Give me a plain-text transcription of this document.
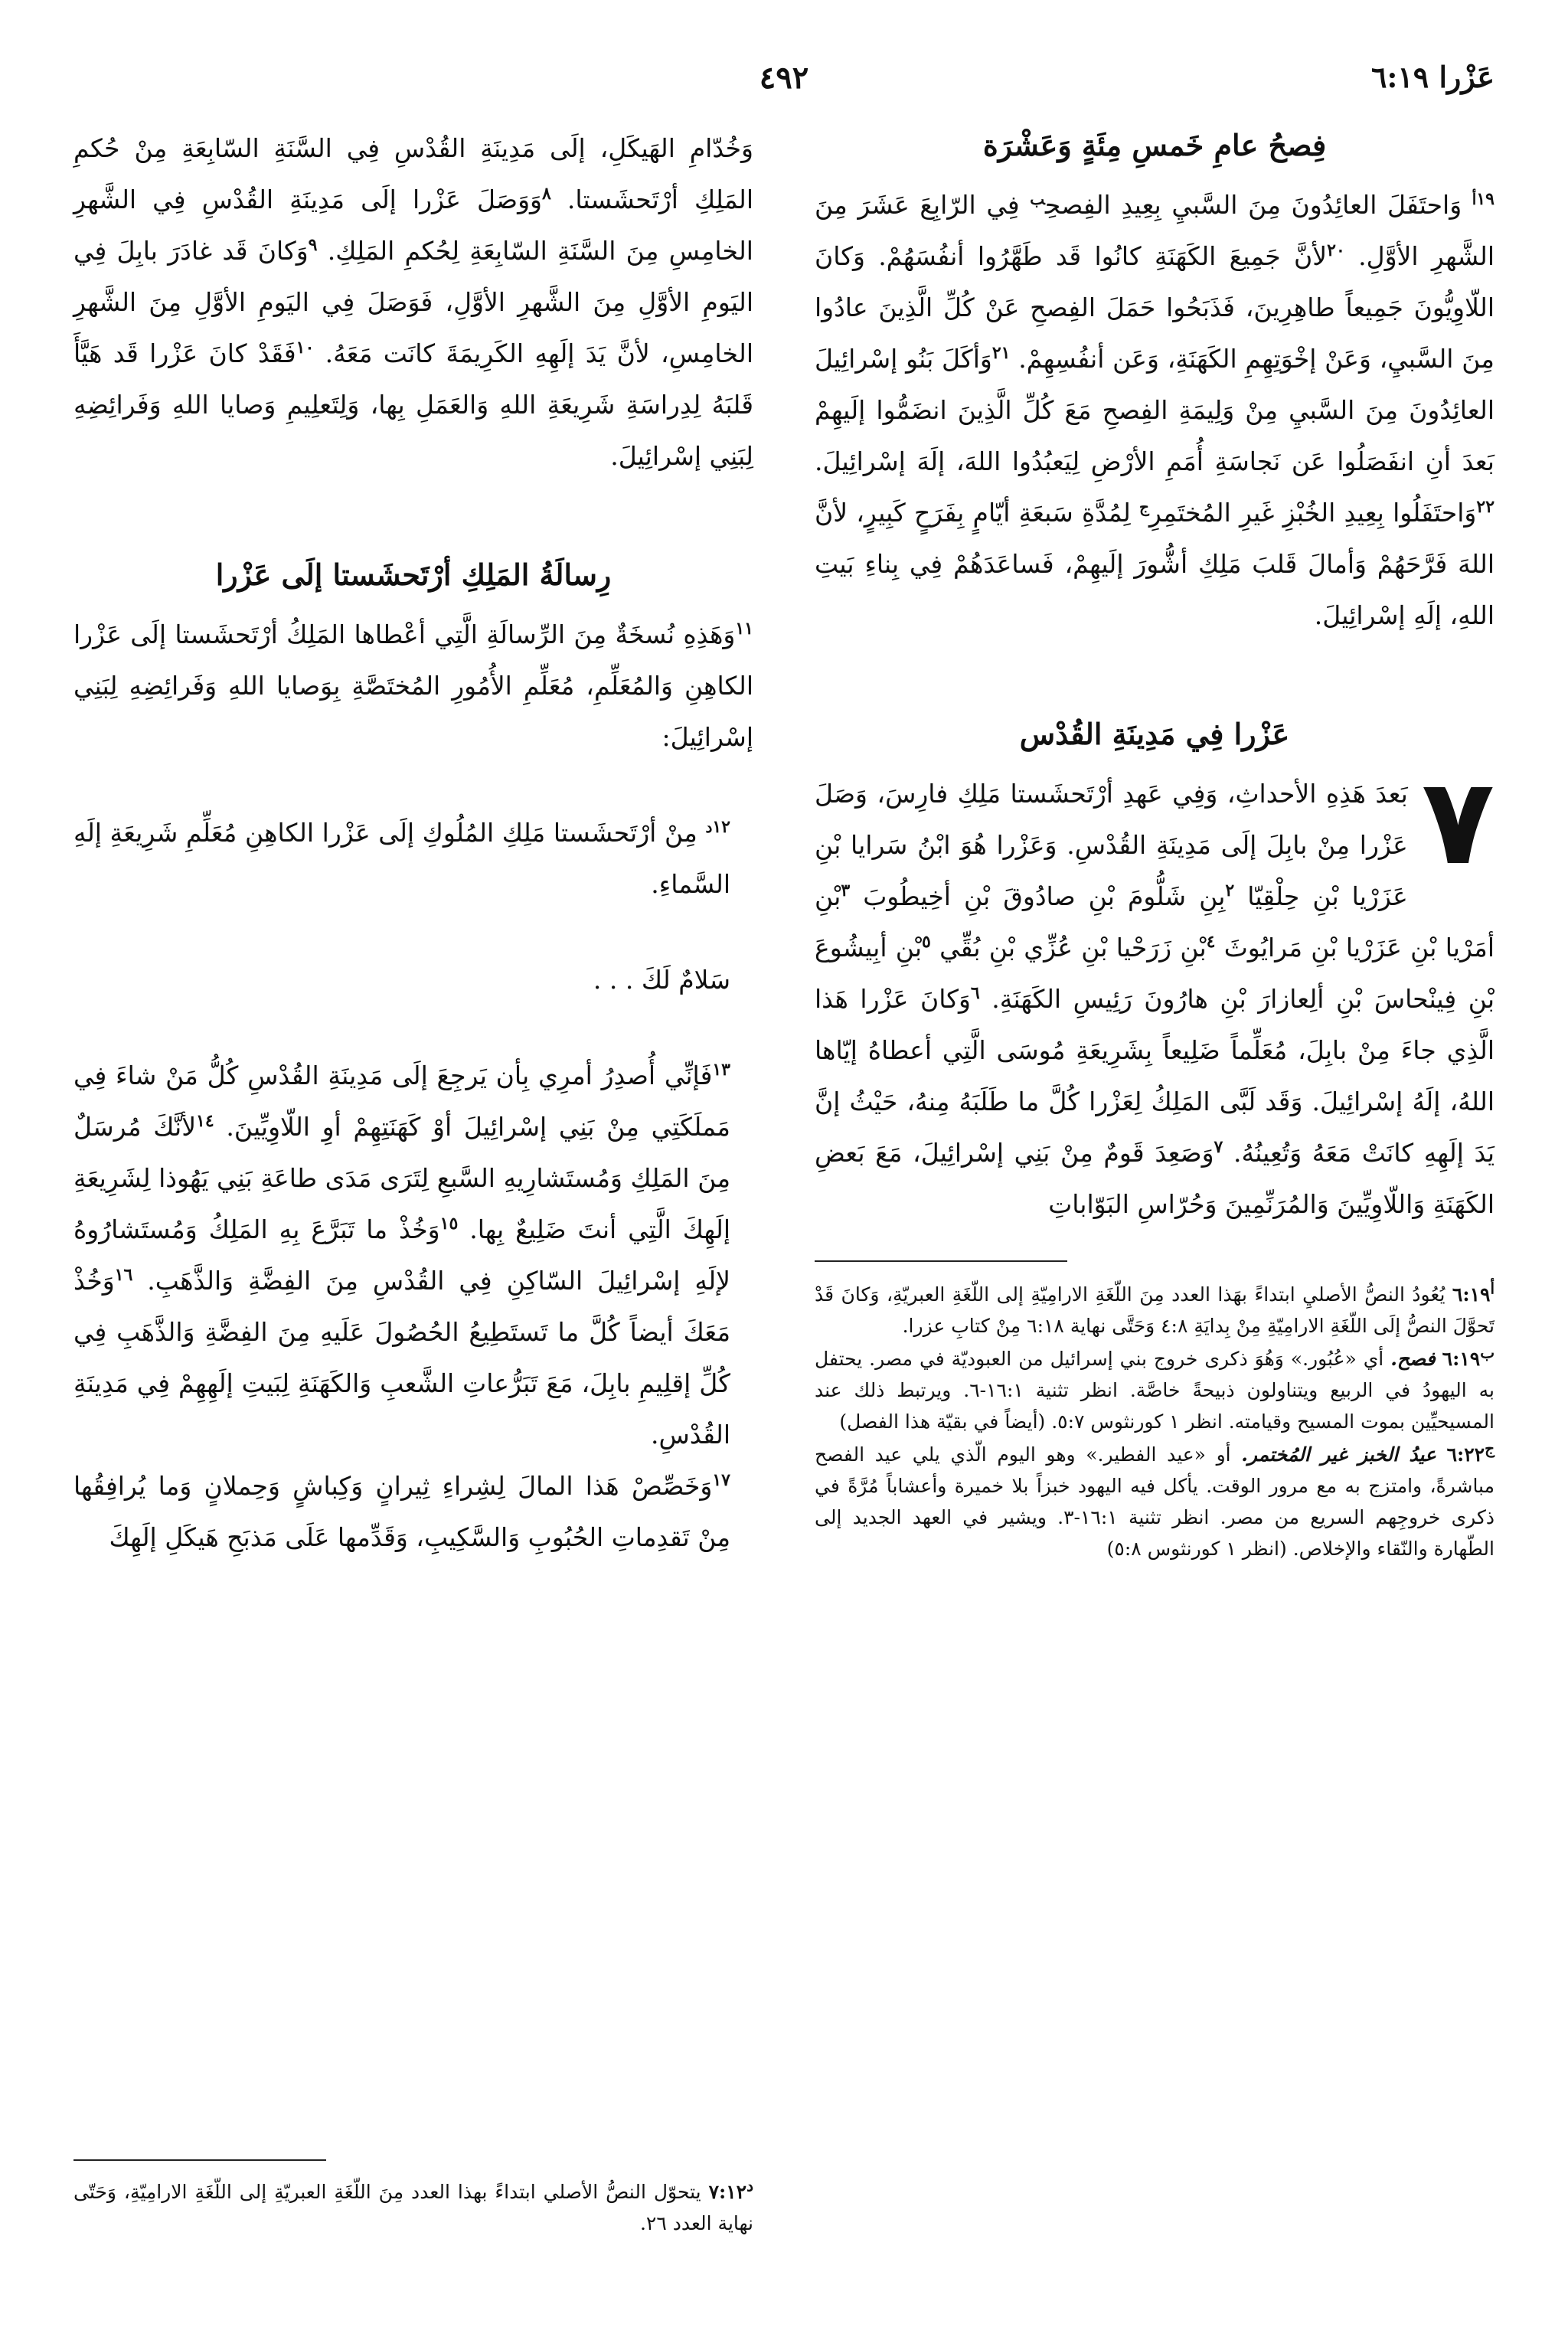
عَزْرا ٦:١٩
٤٩٢
فِصحُ عامِ خَمسِ مِئَةٍ وَعَشْرَة

$^{١٩أ}$ وَاحتَفَلَ العائِدُونَ مِنَ السَّبيِ بِعِيدِ الفِصحِ$^ب$ فِي الرّابِعَ عَشَرَ مِنَ الشَّهرِ الأوَّلِ. $^{٢٠}$لأنَّ جَمِيعَ الكَهَنَةِ كانُوا قَد طَهَّرُوا أنفُسَهُمْ. وَكانَ اللّاوِيُّونَ جَمِيعاً طاهِرِينَ، فَذَبَحُوا حَمَلَ الفِصحِ عَنْ كُلِّ الَّذِينَ عادُوا مِنَ السَّبيِ، وَعَنْ إخْوَتِهِمِ الكَهَنَةِ، وَعَن أنفُسِهِمْ. $^{٢١}$وَأكَلَ بَنُو إسْرائِيلَ العائِدُونَ مِنَ السَّبيِ مِنْ وَلِيمَةِ الفِصحِ مَعَ كُلِّ الَّذِينَ انضَمُّوا إلَيهِمْ بَعدَ أنِ انفَصَلُوا عَن نَجاسَةِ أُمَمِ الأرْضِ لِيَعبُدُوا اللهَ، إلَهَ إسْرائِيلَ. $^{٢٢}$وَاحتَفَلُوا بِعِيدِ الخُبْزِ غَيرِ المُختَمِرِ$^ج$ لِمُدَّةِ سَبعَةِ أيّامٍ بِفَرَحٍ كَبِيرٍ، لأنَّ اللهَ فَرَّحَهُمْ وَأمالَ قَلبَ مَلِكِ أشُّورَ إلَيهِمْ، فَساعَدَهُمْ فِي بِناءِ بَيتِ اللهِ، إلَهِ إسْرائِيلَ.

عَزْرا فِي مَدِينَةِ القُدْس

٧
بَعدَ هَذِهِ الأحداثِ، وَفِي عَهدِ أرْتَحشَستا مَلِكِ فارِسَ، وَصَلَ عَزْرا مِنْ بابِلَ إلَى مَدِينَةِ القُدْسِ. وَعَزْرا هُوَ ابْنُ سَرايا بْنِ عَزَرْيا بْنِ حِلْقِيّا $^٢$بِنِ شَلُّومَ بْنِ صادُوقَ بْنِ أخِيطُوبَ $^٣$بْنِ أمَرْيا بْنِ عَزَرْيا بْنِ مَرايُوثَ $^٤$بْنِ زَرَحْيا بْنِ عُزِّي بْنِ بُقِّي $^٥$بْنِ أبِيشُوعَ بْنِ فِينْحاسَ بْنِ ألِعازارَ بْنِ هارُونَ رَئِيسِ الكَهَنَةِ. $^٦$وَكانَ عَزْرا هَذا الَّذِي جاءَ مِنْ بابِلَ، مُعَلِّماً ضَلِيعاً بِشَرِيعَةِ مُوسَى الَّتِي أعطاهُ إيّاها اللهُ، إلَهُ إسْرائِيلَ. وَقَد لَبَّى المَلِكُ لِعَزْرا كُلَّ ما طَلَبَهُ مِنهُ، حَيْثُ إنَّ يَدَ إلَهِهِ كانَتْ مَعَهُ وَتُعِينُهُ. $^٧$وَصَعِدَ قَومٌ مِنْ بَنِي إسْرائِيلَ، مَعَ بَعضِ الكَهَنَةِ وَاللّاوِيِّينَ وَالمُرَنِّمِينَ وَحُرّاسِ البَوّاباتِ

$^أ$٦:١٩ يُعُودُ النصُّ الأصليِ ابتداءً بهَذا العدد مِنَ اللّغَةِ الارامِيّةِ إلى اللّغَةِ العبريّةِ، وَكانَ قَدْ تَحوَّلَ النصُّ إلَى اللّغَةِ الارامِيّةِ مِنْ بِدايَةِ ٤:٨ وَحَتَّى نهاية ٦:١٨ مِنْ كتابِ عزرا.

$^ب$٦:١٩ فصح. أي «عُبُور.» وَهُوَ ذكرى خروج بني إسرائيل من العبوديّة في مصر. يحتفل به اليهودُ في الربيع ويتناولون ذبيحةً خاصَّة. انظر تثنية ١٦:١-٦. ويرتبط ذلك عند المسيحيِّين بموت المسيح وقيامته. انظر ١ كورنثوس ٥:٧. (أيضاً في بقيّة هذا الفصل)

$^ج$٦:٢٢ عيدُ الخبز غير المُختمر. أو «عيد الفطير.» وهو اليوم الّذي يلي عيد الفصح مباشرةً، وامتزج به مع مرور الوقت. يأكل فيه اليهود خبزاً بلا خميرة وأعشاباً مُرَّةً في ذكرى خروجِهم السريع من مصر. انظر تثنية ١٦:١-٣. ويشير في العهد الجديد إلى الطّهارة والنّقاء والإخلاص. (انظر ١ كورنثوس ٥:٨)

وَخُدّامِ الهَيكَلِ، إلَى مَدِينَةِ القُدْسِ فِي السَّنَةِ السّابِعَةِ مِنْ حُكمِ المَلِكِ أرْتَحشَستا. $^٨$وَوَصَلَ عَزْرا إلَى مَدِينَةِ القُدْسِ فِي الشَّهرِ الخامِسِ مِنَ السَّنَةِ السّابِعَةِ لِحُكمِ المَلِكِ. $^٩$وَكانَ قَد غادَرَ بابِلَ فِي اليَومِ الأوَّلِ مِنَ الشَّهرِ الأوَّلِ، فَوَصَلَ فِي اليَومِ الأوَّلِ مِنَ الشَّهرِ الخامِسِ، لأنَّ يَدَ إلَهِهِ الكَرِيمَةَ كانَت مَعَهُ. $^{١٠}$فَقَدْ كانَ عَزْرا قَد هَيَّأَ قَلبَهُ لِدِراسَةِ شَرِيعَةِ اللهِ وَالعَمَلِ بِها، وَلِتَعلِيمِ وَصايا اللهِ وَفَرائِضِهِ لِبَنِي إسْرائِيلَ.

رِسالَةُ المَلِكِ أرْتَحشَستا إلَى عَزْرا

$^{١١}$وَهَذِهِ نُسخَةٌ مِنَ الرِّسالَةِ الَّتِي أعْطاها المَلِكُ أرْتَحشَستا إلَى عَزْرا الكاهِنِ وَالمُعَلِّمِ، مُعَلِّمِ الأُمُورِ المُختَصَّةِ بِوَصايا اللهِ وَفَرائِضِهِ لِبَنِي إسْرائِيلَ:

$^{١٢د}$ مِنْ أرْتَحشَستا مَلِكِ المُلُوكِ إلَى عَزْرا الكاهِنِ مُعَلِّمِ شَرِيعَةِ إلَهِ السَّماءِ.

سَلامٌ لَكَ . . .

$^{١٣}$فَإنِّي أُصدِرُ أمرِي بِأن يَرجِعَ إلَى مَدِينَةِ القُدْسِ كُلُّ مَنْ شاءَ فِي مَملَكَتِي مِنْ بَنِي إسْرائِيلَ أوْ كَهَنَتِهِمْ أوِ اللّاوِيِّينَ. $^{١٤}$لأنَّكَ مُرسَلٌ مِنَ المَلِكِ وَمُستَشارِيهِ السَّبعِ لِتَرَى مَدَى طاعَةِ بَنِي يَهُوذا لِشَرِيعَةِ إلَهِكَ الَّتِي أنتَ ضَلِيعٌ بِها. $^{١٥}$وَخُذْ ما تَبَرَّعَ بِهِ المَلِكُ وَمُستَشارُوهُ لإلَهِ إسْرائِيلَ السّاكِنِ فِي القُدْسِ مِنَ الفِضَّةِ وَالذَّهَبِ. $^{١٦}$وَخُذْ مَعَكَ أيضاً كُلَّ ما تَستَطِيعُ الحُصُولَ عَلَيهِ مِنَ الفِضَّةِ وَالذَّهَبِ فِي كُلِّ إقلِيمِ بابِلَ، مَعَ تَبَرُّعاتِ الشَّعبِ وَالكَهَنَةِ لِبَيتِ إلَهِهِمْ فِي مَدِينَةِ القُدْسِ.

$^{١٧}$وَخَصِّصْ هَذا المالَ لِشِراءِ ثِيرانٍ وَكِباشٍ وَحِملانٍ وَما يُرافِقُها مِنْ تَقدِماتِ الحُبُوبِ وَالسَّكِيبِ، وَقَدِّمها عَلَى مَذبَحِ هَيكَلِ إلَهِكَ

$^د$٧:١٢ يتحوّل النصُّ الأصلي ابتداءً بهذا العدد مِنَ اللّغَةِ العبريّةِ إلى اللّغَةِ الارامِيّةِ، وَحَتّى نهاية العدد ٢٦.
